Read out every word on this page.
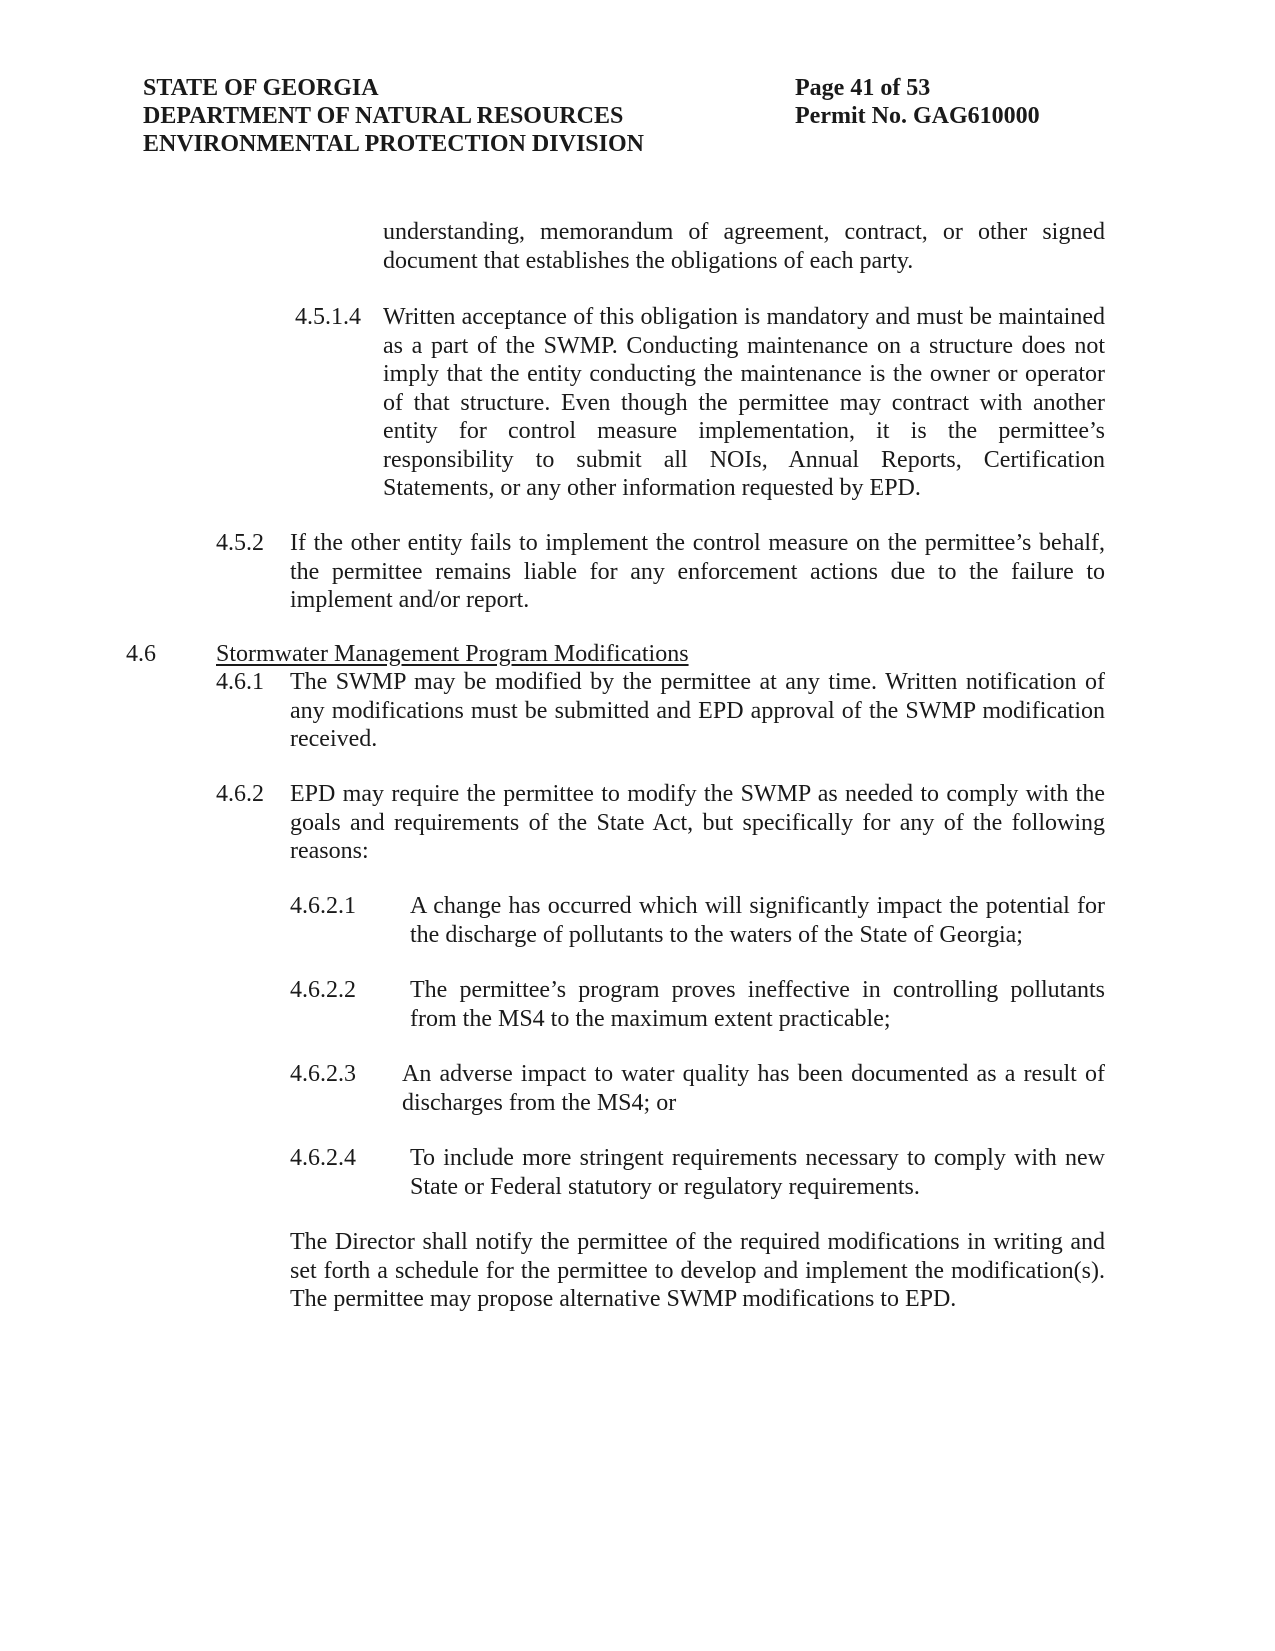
STATE OF GEORGIA
DEPARTMENT OF NATURAL RESOURCES
ENVIRONMENTAL PROTECTION DIVISION
Page 41 of 53
Permit No. GAG610000
understanding, memorandum of agreement, contract, or other signed document that establishes the obligations of each party.
4.5.1.4 Written acceptance of this obligation is mandatory and must be maintained as a part of the SWMP. Conducting maintenance on a structure does not imply that the entity conducting the maintenance is the owner or operator of that structure. Even though the permittee may contract with another entity for control measure implementation, it is the permittee’s responsibility to submit all NOIs, Annual Reports, Certification Statements, or any other information requested by EPD.
4.5.2 If the other entity fails to implement the control measure on the permittee’s behalf, the permittee remains liable for any enforcement actions due to the failure to implement and/or report.
4.6	Stormwater Management Program Modifications
4.6.1 The SWMP may be modified by the permittee at any time. Written notification of any modifications must be submitted and EPD approval of the SWMP modification received.
4.6.2 EPD may require the permittee to modify the SWMP as needed to comply with the goals and requirements of the State Act, but specifically for any of the following reasons:
4.6.2.1 A change has occurred which will significantly impact the potential for the discharge of pollutants to the waters of the State of Georgia;
4.6.2.2 The permittee’s program proves ineffective in controlling pollutants from the MS4 to the maximum extent practicable;
4.6.2.3 An adverse impact to water quality has been documented as a result of discharges from the MS4; or
4.6.2.4 To include more stringent requirements necessary to comply with new State or Federal statutory or regulatory requirements.
The Director shall notify the permittee of the required modifications in writing and set forth a schedule for the permittee to develop and implement the modification(s). The permittee may propose alternative SWMP modifications to EPD.
